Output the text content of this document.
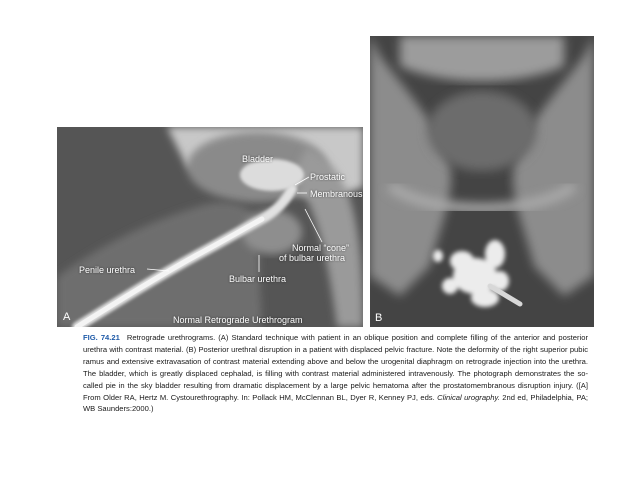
Bladder
Prostatic
Membranous
Normal “cone”
of bulbar urethra
Penile urethra
Bulbar urethra
A	Normal Retrograde Urethrogram	B
FIG. 74.21 Retrograde urethrograms. (A) Standard technique with patient in an oblique position and complete filling of the anterior and posterior urethra with contrast material. (B) Posterior urethral disruption in a patient with displaced pelvic fracture. Note the deformity of the right superior pubic ramus and extensive extravasation of contrast material extending above and below the urogenital diaphragm on retrograde injection into the urethra. The bladder, which is greatly displaced cephalad, is filling with contrast material administered intravenously. The photograph demonstrates the so-called pie in the sky bladder resulting from dramatic displacement by a large pelvic hematoma after the prostatomembranous disruption injury. ([A] From Older RA, Hertz M. Cystourethrography. In: Pollack HM, McClennan BL, Dyer R, Kenney PJ, eds. Clinical urography. 2nd ed, Philadelphia, PA; WB Saunders:2000.)
